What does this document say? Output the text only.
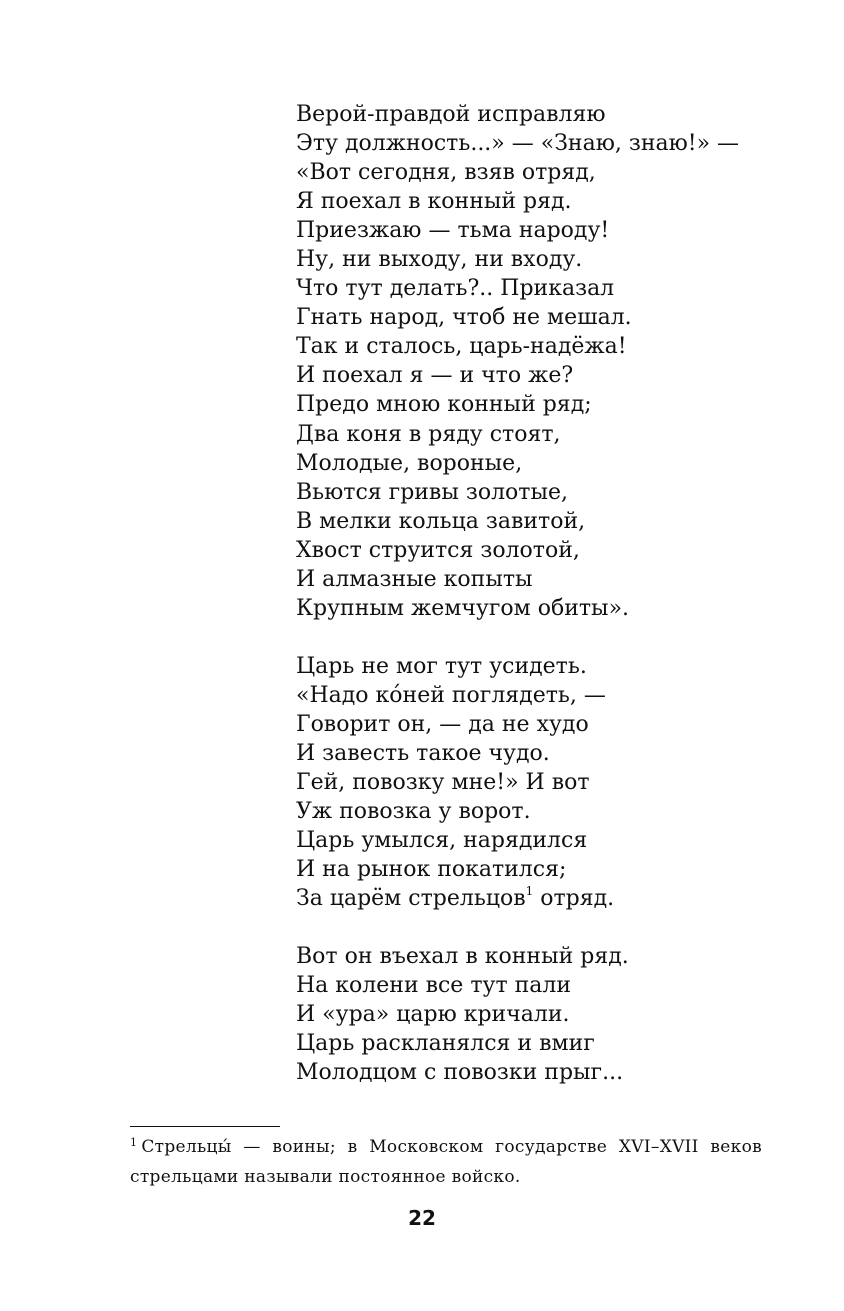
Верой-правдой исправляю
Эту должность...» — «Знаю, знаю!» —
«Вот сегодня, взяв отряд,
Я поехал в конный ряд.
Приезжаю — тьма народу!
Ну, ни выходу, ни входу.
Что тут делать?.. Приказал
Гнать народ, чтоб не мешал.
Так и сталось, царь-надёжа!
И поехал я — и что же?
Предо мною конный ряд;
Два коня в ряду стоят,
Молодые, вороные,
Вьются гривы золотые,
В мелки кольца завитой,
Хвост струится золотой,
И алмазные копыты
Крупным жемчугом обиты».
Царь не мог тут усидеть.
«Надо ко́ней поглядеть, —
Говорит он, — да не худо
И завесть такое чудо.
Гей, повозку мне!» И вот
Уж повозка у ворот.
Царь умылся, нарядился
И на рынок покатился;
За царём стрельцов$^1$ отряд.
Вот он въехал в конный ряд.
На колени все тут пали
И «ура» царю кричали.
Царь раскланялся и вмиг
Молодцом с повозки прыг...
$^1$ Стрельцы́ — воины; в Московском государстве XVI–XVII веков стрельцами называли постоянное войско.
22
